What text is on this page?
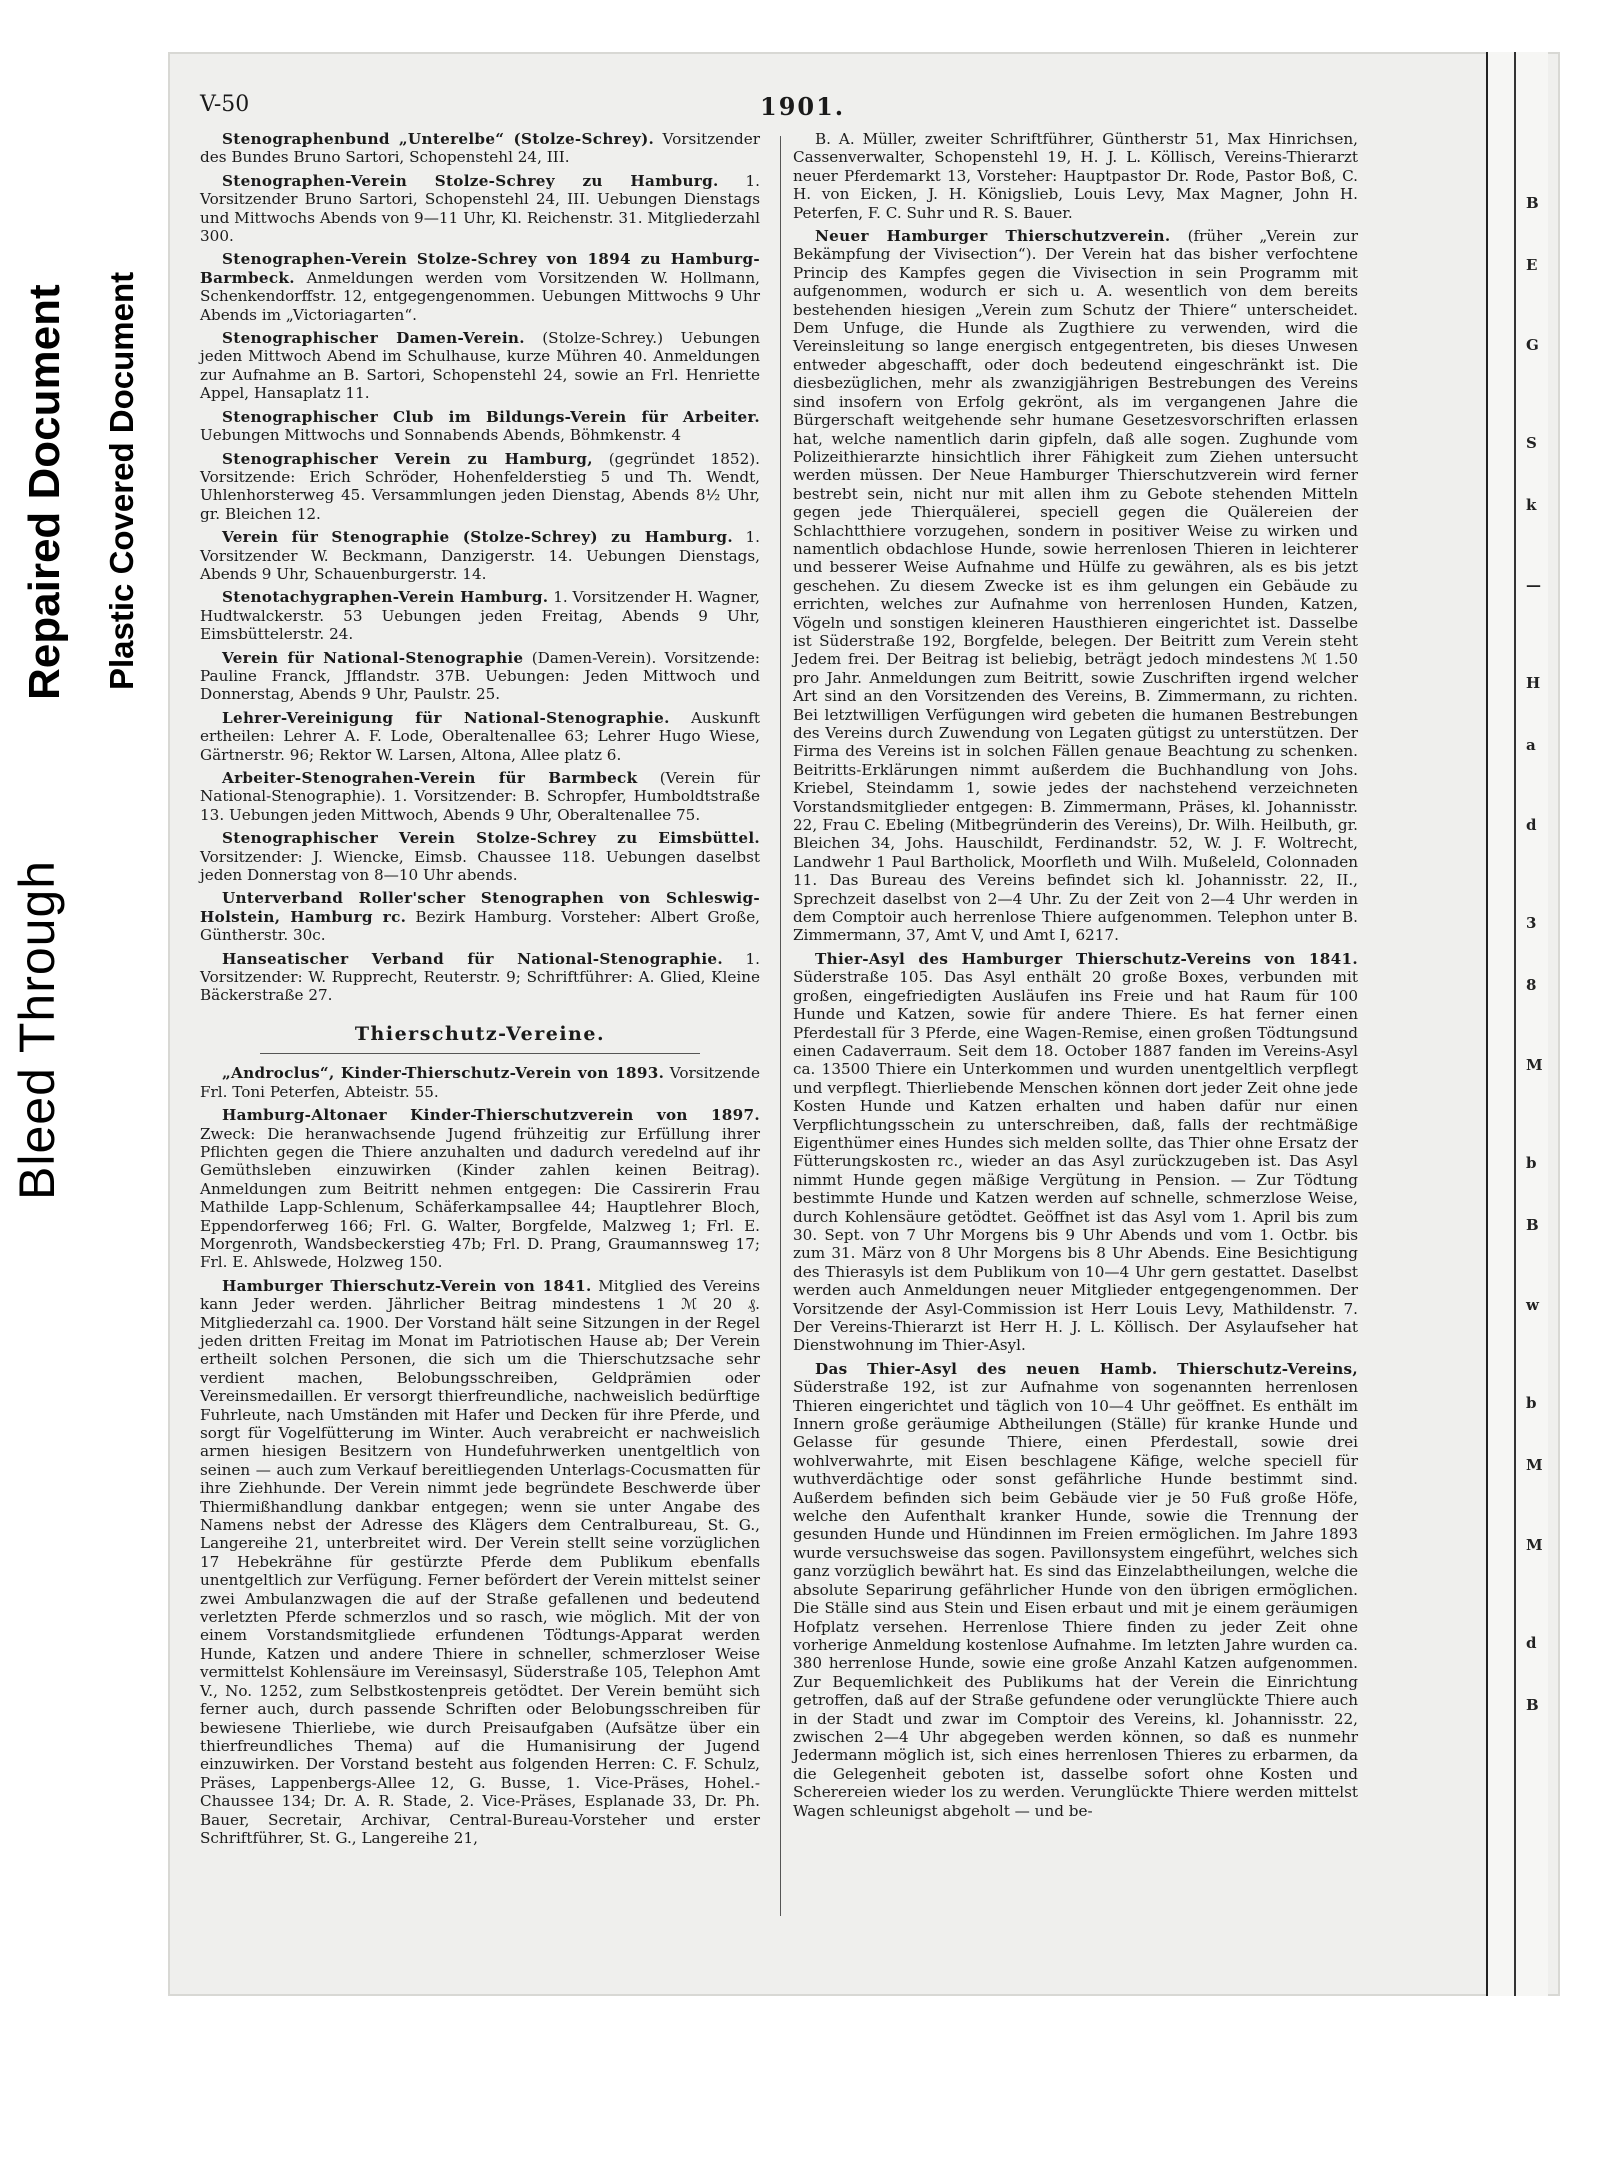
Bleed Through
Repaired Document Plastic Covered Document
V-50	1901.

Stenographenbund „Unterelbe“ (Stolze-Schrey). Vorsitzender des Bundes Bruno Sartori, Schopenstehl 24, III.

Stenographen-Verein Stolze-Schrey zu Hamburg. 1. Vorsitzender Bruno Sartori, Schopenstehl 24, III. Uebungen Dienstags und Mittwochs Abends von 9—11 Uhr, Kl. Reichenstr. 31. Mitgliederzahl 300.

Stenographen-Verein Stolze-Schrey von 1894 zu Hamburg-Barmbeck. Anmeldungen werden vom Vorsitzenden W. Hollmann, Schenkendorffstr. 12, entgegengenommen. Uebungen Mittwochs 9 Uhr Abends im „Victoriagarten“.

Stenographischer Damen-Verein. (Stolze-Schrey.) Uebungen jeden Mittwoch Abend im Schulhause, kurze Mühren 40. Anmeldungen zur Aufnahme an B. Sartori, Schopenstehl 24, sowie an Frl. Henriette Appel, Hansaplatz 11.

Stenographischer Club im Bildungs-Verein für Arbeiter. Uebungen Mittwochs und Sonnabends Abends, Böhmkenstr. 4

Stenographischer Verein zu Hamburg, (gegründet 1852). Vorsitzende: Erich Schröder, Hohenfelderstieg 5 und Th. Wendt, Uhlenhorsterweg 45. Versammlungen jeden Dienstag, Abends 8½ Uhr, gr. Bleichen 12.

Verein für Stenographie (Stolze-Schrey) zu Hamburg. 1. Vorsitzender W. Beckmann, Danzigerstr. 14. Uebungen Dienstags, Abends 9 Uhr, Schauenburgerstr. 14.

Stenotachygraphen-Verein Hamburg. 1. Vorsitzender H. Wagner, Hudtwalckerstr. 53 Uebungen jeden Freitag, Abends 9 Uhr, Eimsbüttelerstr. 24.

Verein für National-Stenographie (Damen-Verein). Vorsitzende: Pauline Franck, Jfflandstr. 37B. Uebungen: Jeden Mittwoch und Donnerstag, Abends 9 Uhr, Paulstr. 25.

Lehrer-Vereinigung für National-Stenographie. Auskunft ertheilen: Lehrer A. F. Lode, Oberaltenallee 63; Lehrer Hugo Wiese, Gärtnerstr. 96; Rektor W. Larsen, Altona, Allee platz 6.

Arbeiter-Stenograhen-Verein für Barmbeck (Verein für National-Stenographie). 1. Vorsitzender: B. Schropfer, Humboldtstraße 13. Uebungen jeden Mittwoch, Abends 9 Uhr, Oberaltenallee 75.

Stenographischer Verein Stolze-Schrey zu Eimsbüttel. Vorsitzender: J. Wiencke, Eimsb. Chaussee 118. Uebungen daselbst jeden Donnerstag von 8—10 Uhr abends.

Unterverband Roller'scher Stenographen von Schleswig-Holstein, Hamburg rc. Bezirk Hamburg. Vorsteher: Albert Große, Güntherstr. 30c.

Hanseatischer Verband für National-Stenographie. 1. Vorsitzender: W. Rupprecht, Reuterstr. 9; Schriftführer: A. Glied, Kleine Bäckerstraße 27.

Thierschutz-Vereine.

„Androclus“, Kinder-Thierschutz-Verein von 1893. Vorsitzende Frl. Toni Peterfen, Abteistr. 55.

Hamburg-Altonaer Kinder-Thierschutzverein von 1897. Zweck: Die heranwachsende Jugend frühzeitig zur Erfüllung ihrer Pflichten gegen die Thiere anzuhalten und dadurch veredelnd auf ihr Gemüthsleben einzuwirken (Kinder zahlen keinen Beitrag). Anmeldungen zum Beitritt nehmen entgegen: Die Cassirerin Frau Mathilde Lapp-Schlenum, Schäferkampsallee 44; Hauptlehrer Bloch, Eppendorferweg 166; Frl. G. Walter, Borgfelde, Malzweg 1; Frl. E. Morgenroth, Wandsbeckerstieg 47b; Frl. D. Prang, Graumannsweg 17; Frl. E. Ahlswede, Holzweg 150.

Hamburger Thierschutz-Verein von 1841. Mitglied des Vereins kann Jeder werden. Jährlicher Beitrag mindestens 1 ℳ 20 ₰. Mitgliederzahl ca. 1900. Der Vorstand hält seine Sitzungen in der Regel jeden dritten Freitag im Monat im Patriotischen Hause ab; Der Verein ertheilt solchen Personen, die sich um die Thierschutzsache sehr verdient machen, Belobungsschreiben, Geldprämien oder Vereinsmedaillen. Er versorgt thierfreundliche, nachweislich bedürftige Fuhrleute, nach Umständen mit Hafer und Decken für ihre Pferde, und sorgt für Vogelfütterung im Winter. Auch verabreicht er nachweislich armen hiesigen Besitzern von Hundefuhrwerken unentgeltlich von seinen — auch zum Verkauf bereitliegenden Unterlags-Cocusmatten für ihre Ziehhunde. Der Verein nimmt jede begründete Beschwerde über Thiermißhandlung dankbar entgegen; wenn sie unter Angabe des Namens nebst der Adresse des Klägers dem Centralbureau, St. G., Langereihe 21, unterbreitet wird. Der Verein stellt seine vorzüglichen 17 Hebekrähne für gestürzte Pferde dem Publikum ebenfalls unentgeltlich zur Verfügung. Ferner befördert der Verein mittelst seiner zwei Ambulanzwagen die auf der Straße gefallenen und bedeutend verletzten Pferde schmerzlos und so rasch, wie möglich. Mit der von einem Vorstandsmitgliede erfundenen Tödtungs-Apparat werden Hunde, Katzen und andere Thiere in schneller, schmerzloser Weise vermittelst Kohlensäure im Vereinsasyl, Süderstraße 105, Telephon Amt V., No. 1252, zum Selbstkostenpreis getödtet. Der Verein bemüht sich ferner auch, durch passende Schriften oder Belobungsschreiben für bewiesene Thierliebe, wie durch Preisaufgaben (Aufsätze über ein thierfreundliches Thema) auf die Humanisirung der Jugend einzuwirken. Der Vorstand besteht aus folgenden Herren: C. F. Schulz, Präses, Lappenbergs-Allee 12, G. Busse, 1. Vice-Präses, Hohel.-Chaussee 134; Dr. A. R. Stade, 2. Vice-Präses, Esplanade 33, Dr. Ph. Bauer, Secretair, Archivar, Central-Bureau-Vorsteher und erster Schriftführer, St. G., Langereihe 21,

B. A. Müller, zweiter Schriftführer, Güntherstr 51, Max Hinrichsen, Cassenverwalter, Schopenstehl 19, H. J. L. Köllisch, Vereins-Thierarzt neuer Pferdemarkt 13, Vorsteher: Hauptpastor Dr. Rode, Pastor Boß, C. H. von Eicken, J. H. Königslieb, Louis Levy, Max Magner, John H. Peterfen, F. C. Suhr und R. S. Bauer.

Neuer Hamburger Thierschutzverein. (früher „Verein zur Bekämpfung der Vivisection“). Der Verein hat das bisher verfochtene Princip des Kampfes gegen die Vivisection in sein Programm mit aufgenommen, wodurch er sich u. A. wesentlich von dem bereits bestehenden hiesigen „Verein zum Schutz der Thiere“ unterscheidet. Dem Unfuge, die Hunde als Zugthiere zu verwenden, wird die Vereinsleitung so lange energisch entgegentreten, bis dieses Unwesen entweder abgeschafft, oder doch bedeutend eingeschränkt ist. Die diesbezüglichen, mehr als zwanzigjährigen Bestrebungen des Vereins sind insofern von Erfolg gekrönt, als im vergangenen Jahre die Bürgerschaft weitgehende sehr humane Gesetzesvorschriften erlassen hat, welche namentlich darin gipfeln, daß alle sogen. Zughunde vom Polizeithierarzte hinsichtlich ihrer Fähigkeit zum Ziehen untersucht werden müssen. Der Neue Hamburger Thierschutzverein wird ferner bestrebt sein, nicht nur mit allen ihm zu Gebote stehenden Mitteln gegen jede Thierquälerei, speciell gegen die Quälereien der Schlachtthiere vorzugehen, sondern in positiver Weise zu wirken und namentlich obdachlose Hunde, sowie herrenlosen Thieren in leichterer und besserer Weise Aufnahme und Hülfe zu gewähren, als es bis jetzt geschehen. Zu diesem Zwecke ist es ihm gelungen ein Gebäude zu errichten, welches zur Aufnahme von herrenlosen Hunden, Katzen, Vögeln und sonstigen kleineren Hausthieren eingerichtet ist. Dasselbe ist Süderstraße 192, Borgfelde, belegen. Der Beitritt zum Verein steht Jedem frei. Der Beitrag ist beliebig, beträgt jedoch mindestens ℳ 1.50 pro Jahr. Anmeldungen zum Beitritt, sowie Zuschriften irgend welcher Art sind an den Vorsitzenden des Vereins, B. Zimmermann, zu richten. Bei letztwilligen Verfügungen wird gebeten die humanen Bestrebungen des Vereins durch Zuwendung von Legaten gütigst zu unterstützen. Der Firma des Vereins ist in solchen Fällen genaue Beachtung zu schenken. Beitritts-Erklärungen nimmt außerdem die Buchhandlung von Johs. Kriebel, Steindamm 1, sowie jedes der nachstehend verzeichneten Vorstandsmitglieder entgegen: B. Zimmermann, Präses, kl. Johannisstr. 22, Frau C. Ebeling (Mitbegründerin des Vereins), Dr. Wilh. Heilbuth, gr. Bleichen 34, Johs. Hauschildt, Ferdinandstr. 52, W. J. F. Woltrecht, Landwehr 1 Paul Bartholick, Moorfleth und Wilh. Mußeleld, Colonnaden 11. Das Bureau des Vereins befindet sich kl. Johannisstr. 22, II., Sprechzeit daselbst von 2—4 Uhr. Zu der Zeit von 2—4 Uhr werden in dem Comptoir auch herrenlose Thiere aufgenommen. Telephon unter B. Zimmermann, 37, Amt V, und Amt I, 6217.

Thier-Asyl des Hamburger Thierschutz-Vereins von 1841. Süderstraße 105. Das Asyl enthält 20 große Boxes, verbunden mit großen, eingefriedigten Ausläufen ins Freie und hat Raum für 100 Hunde und Katzen, sowie für andere Thiere. Es hat ferner einen Pferdestall für 3 Pferde, eine Wagen-Remise, einen großen Tödtungsund einen Cadaverraum. Seit dem 18. October 1887 fanden im Vereins-Asyl ca. 13500 Thiere ein Unterkommen und wurden unentgeltlich verpflegt und verpflegt. Thierliebende Menschen können dort jeder Zeit ohne jede Kosten Hunde und Katzen erhalten und haben dafür nur einen Verpflichtungsschein zu unterschreiben, daß, falls der rechtmäßige Eigenthümer eines Hundes sich melden sollte, das Thier ohne Ersatz der Fütterungskosten rc., wieder an das Asyl zurückzugeben ist. Das Asyl nimmt Hunde gegen mäßige Vergütung in Pension. — Zur Tödtung bestimmte Hunde und Katzen werden auf schnelle, schmerzlose Weise, durch Kohlensäure getödtet. Geöffnet ist das Asyl vom 1. April bis zum 30. Sept. von 7 Uhr Morgens bis 9 Uhr Abends und vom 1. Octbr. bis zum 31. März von 8 Uhr Morgens bis 8 Uhr Abends. Eine Besichtigung des Thierasyls ist dem Publikum von 10—4 Uhr gern gestattet. Daselbst werden auch Anmeldungen neuer Mitglieder entgegengenommen. Der Vorsitzende der Asyl-Commission ist Herr Louis Levy, Mathildenstr. 7. Der Vereins-Thierarzt ist Herr H. J. L. Köllisch. Der Asylaufseher hat Dienstwohnung im Thier-Asyl.

Das Thier-Asyl des neuen Hamb. Thierschutz-Vereins, Süderstraße 192, ist zur Aufnahme von sogenannten herrenlosen Thieren eingerichtet und täglich von 10—4 Uhr geöffnet. Es enthält im Innern große geräumige Abtheilungen (Ställe) für kranke Hunde und Gelasse für gesunde Thiere, einen Pferdestall, sowie drei wohlverwahrte, mit Eisen beschlagene Käfige, welche speciell für wuthverdächtige oder sonst gefährliche Hunde bestimmt sind. Außerdem befinden sich beim Gebäude vier je 50 Fuß große Höfe, welche den Aufenthalt kranker Hunde, sowie die Trennung der gesunden Hunde und Hündinnen im Freien ermöglichen. Im Jahre 1893 wurde versuchsweise das sogen. Pavillonsystem eingeführt, welches sich ganz vorzüglich bewährt hat. Es sind das Einzelabtheilungen, welche die absolute Separirung gefährlicher Hunde von den übrigen ermöglichen. Die Ställe sind aus Stein und Eisen erbaut und mit je einem geräumigen Hofplatz versehen. Herrenlose Thiere finden zu jeder Zeit ohne vorherige Anmeldung kostenlose Aufnahme. Im letzten Jahre wurden ca. 380 herrenlose Hunde, sowie eine große Anzahl Katzen aufgenommen. Zur Bequemlichkeit des Publikums hat der Verein die Einrichtung getroffen, daß auf der Straße gefundene oder verunglückte Thiere auch in der Stadt und zwar im Comptoir des Vereins, kl. Johannisstr. 22, zwischen 2—4 Uhr abgegeben werden können, so daß es nunmehr Jedermann möglich ist, sich eines herrenlosen Thieres zu erbarmen, da die Gelegenheit geboten ist, dasselbe sofort ohne Kosten und Scherereien wieder los zu werden. Verunglückte Thiere werden mittelst Wagen schleunigst abgeholt — und be-

B
E
G
S
k
—
H
a
d
3
8
M
b
B
w
b
M
M
d
B
